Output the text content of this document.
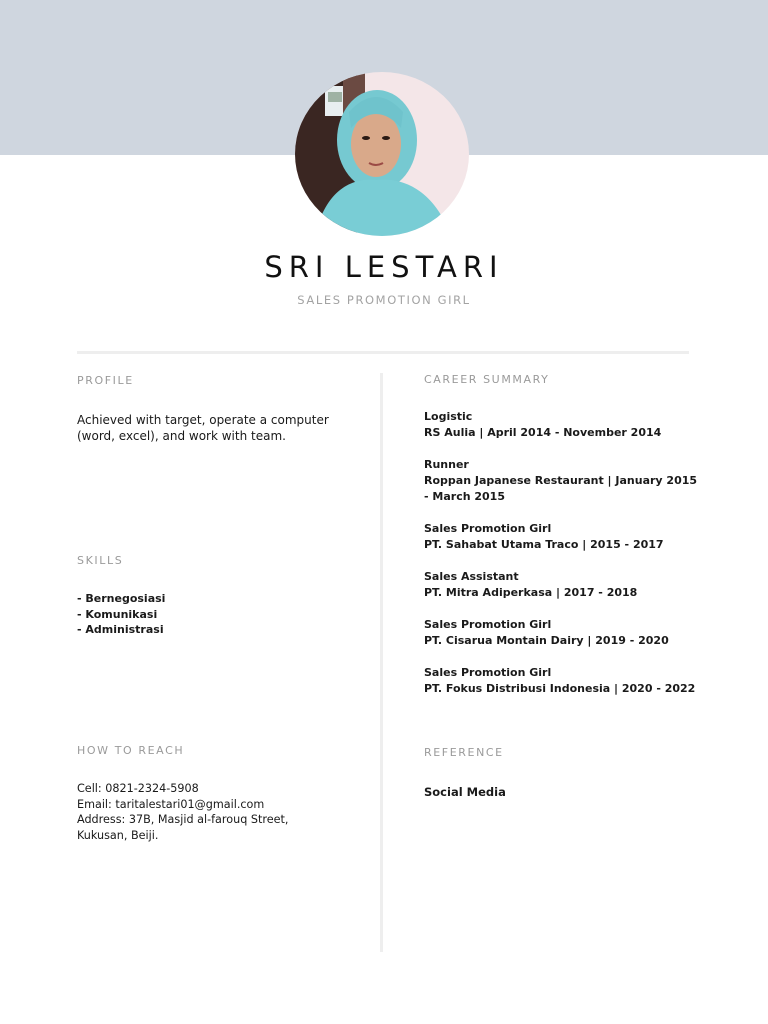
SRI LESTARI

SALES PROMOTION GIRL

PROFILE

Achieved with target, operate a computer (word, excel), and work with team.

SKILLS
- Bernegosiasi
- Komunikasi
- Administrasi
HOW TO REACH
Cell: 0821-2324-5908
Email: taritalestari01@gmail.com
Address: 37B, Masjid al-farouq Street, Kukusan, Beiji.
CAREER SUMMARY
Logistic
RS Aulia | April 2014 - November 2014
Runner
Roppan Japanese Restaurant | January 2015 - March 2015
Sales Promotion Girl
PT. Sahabat Utama Traco | 2015 - 2017
Sales Assistant
PT. Mitra Adiperkasa | 2017 - 2018
Sales Promotion Girl
PT. Cisarua Montain Dairy | 2019 - 2020
Sales Promotion Girl
PT. Fokus Distribusi Indonesia | 2020 - 2022
REFERENCE

Social Media
